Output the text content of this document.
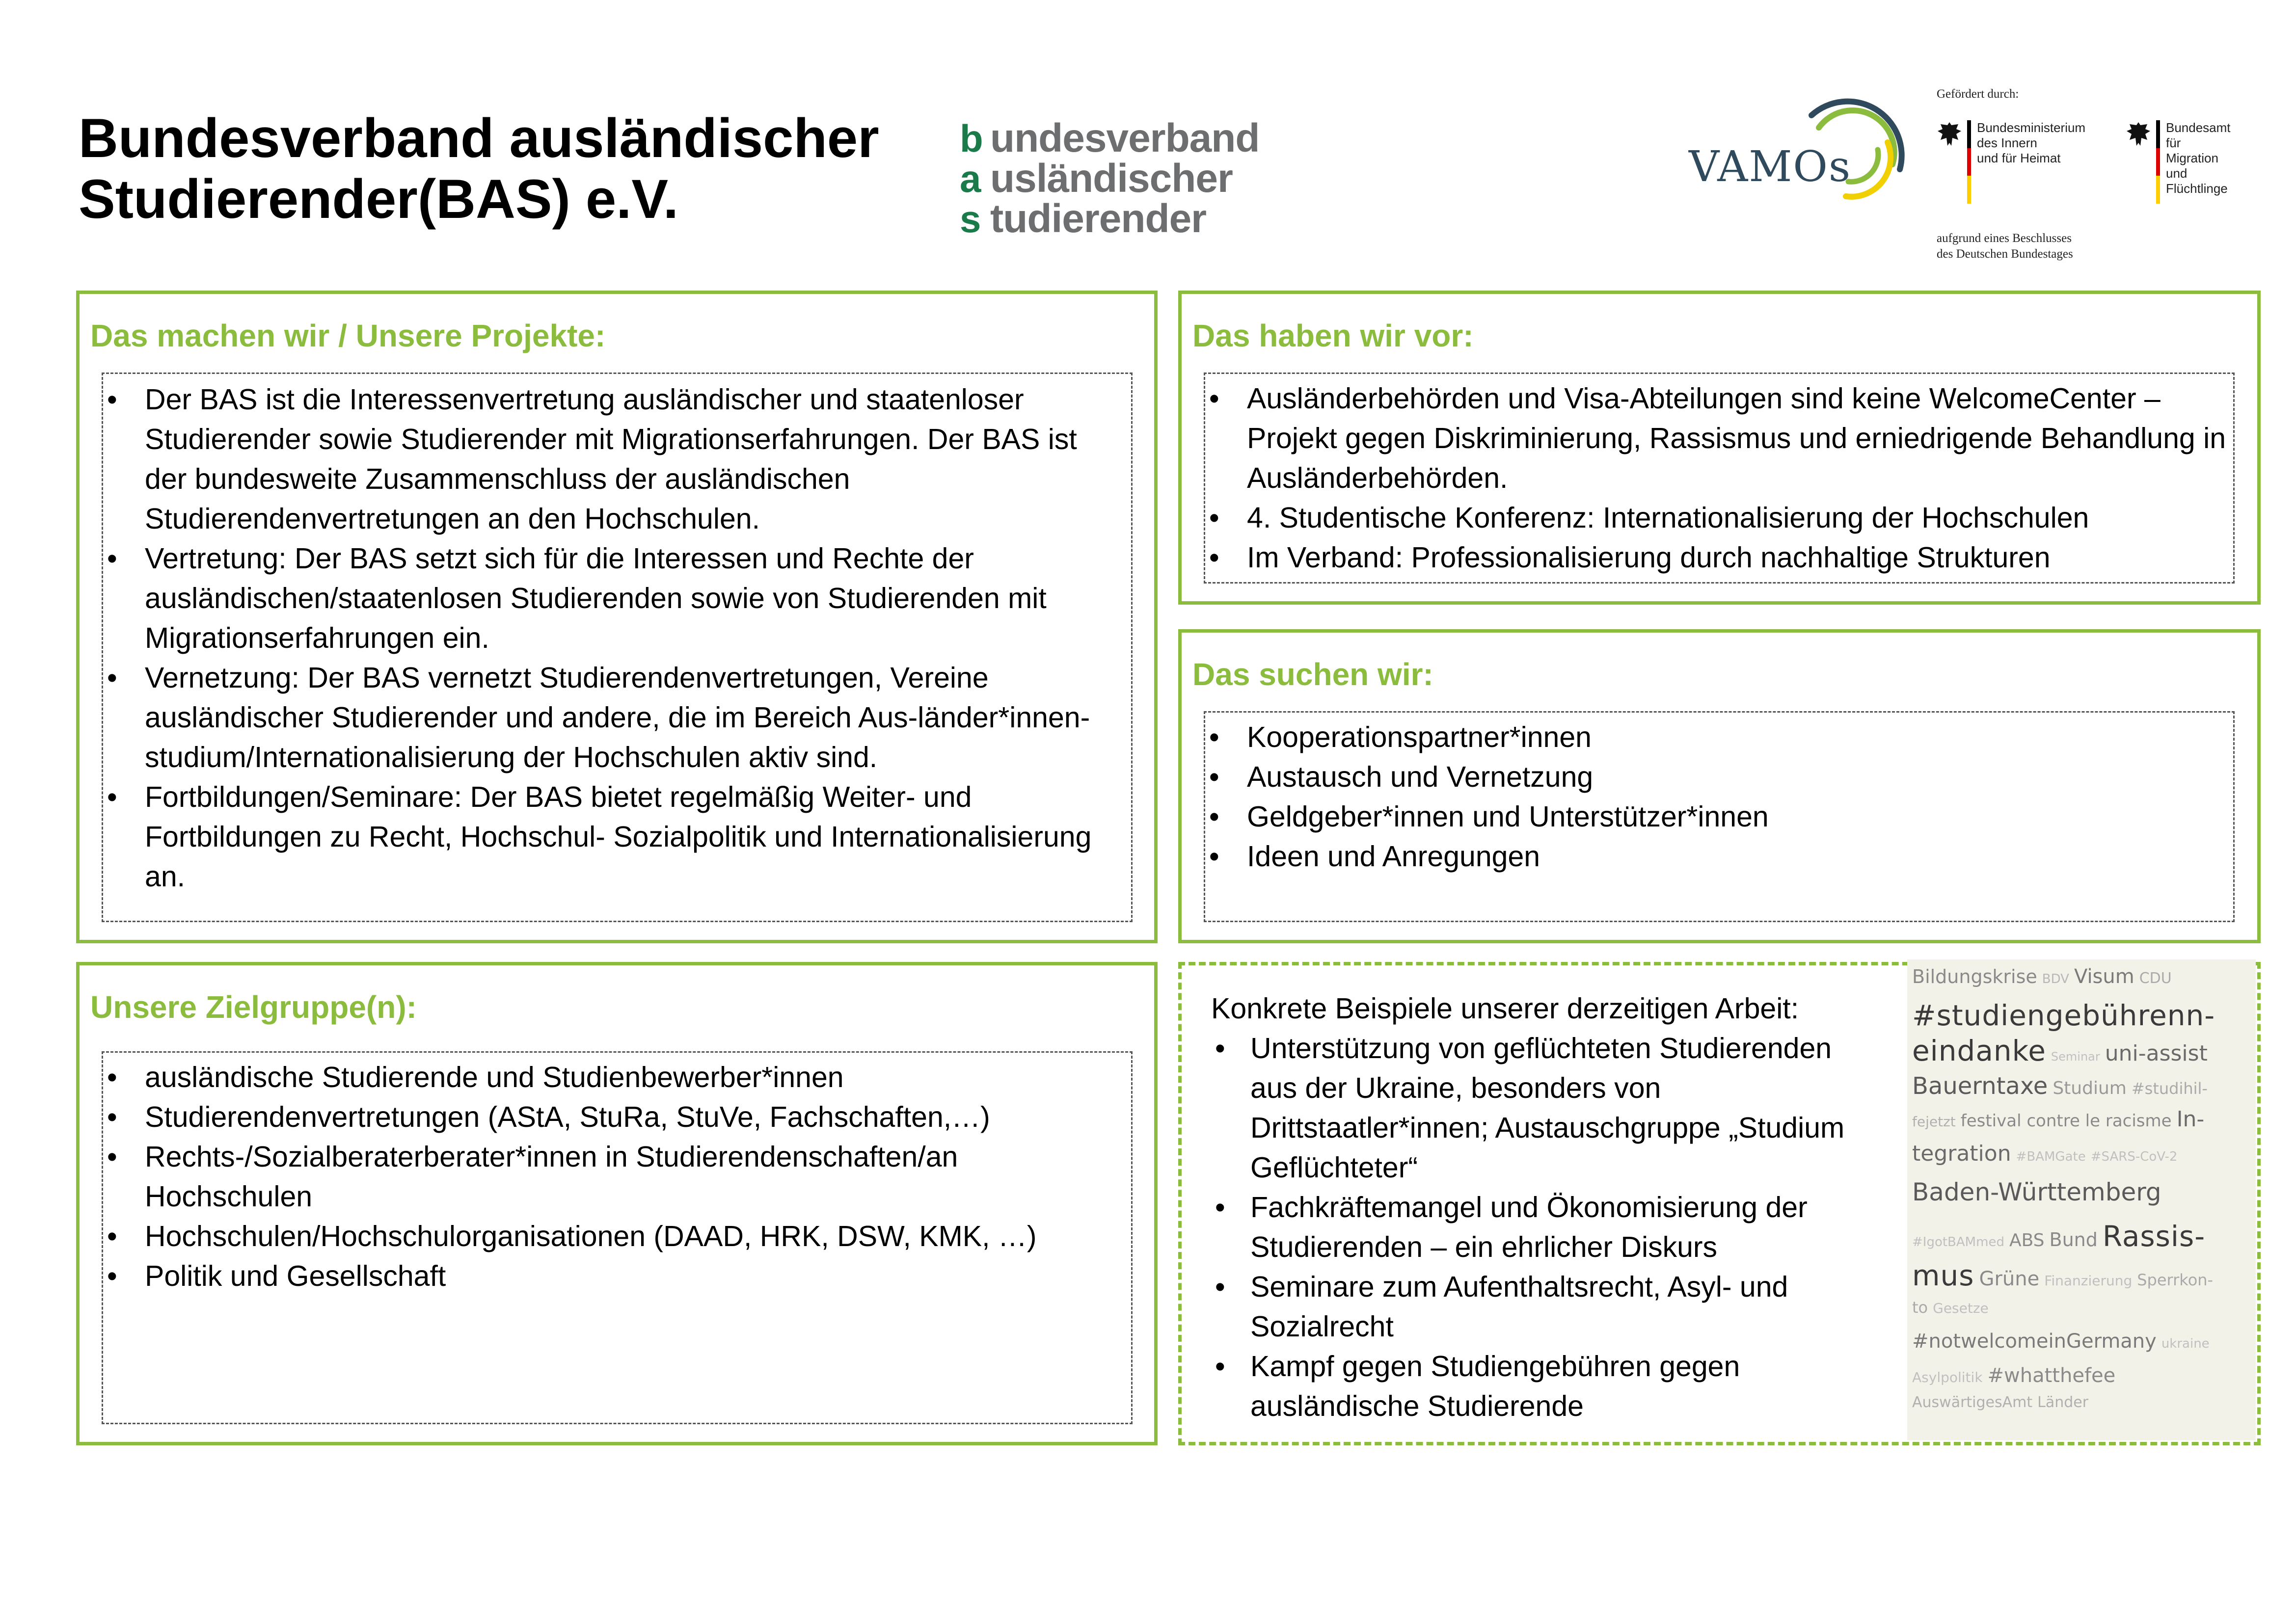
Bundesverband ausländischer
Studierender(BAS) e.V.
b undesverband
a usländischer
s tudierender
VAMOs
Gefördert durch:
Bundesministerium
des Innern
und für Heimat
Bundesamt
für Migration
und Flüchtlinge
aufgrund eines Beschlusses
des Deutschen Bundestages
Das machen wir / Unsere Projekte:
• Der BAS ist die Interessenvertretung ausländischer und staatenloser Studierender sowie Studierender mit Migrationserfahrungen. Der BAS ist der bundesweite Zusammenschluss der ausländischen Studierendenvertretungen an den Hochschulen.
• Vertretung: Der BAS setzt sich für die Interessen und Rechte der ausländischen/staatenlosen Studierenden sowie von Studierenden mit Migrationserfahrungen ein.
• Vernetzung: Der BAS vernetzt Studierendenvertretungen, Vereine ausländischer Studierender und andere, die im Bereich Aus-länder*innen-studium/Internationalisierung der Hochschulen aktiv sind.
• Fortbildungen/Seminare: Der BAS bietet regelmäßig Weiter- und Fortbildungen zu Recht, Hochschul- Sozialpolitik und Internationalisierung an.
Das haben wir vor:
• Ausländerbehörden und Visa-Abteilungen sind keine WelcomeCenter – Projekt gegen Diskriminierung, Rassismus und erniedrigende Behandlung in Ausländerbehörden.
• 4. Studentische Konferenz: Internationalisierung der Hochschulen
• Im Verband: Professionalisierung durch nachhaltige Strukturen
Das suchen wir:
• Kooperationspartner*innen
• Austausch und Vernetzung
• Geldgeber*innen und Unterstützer*innen
• Ideen und Anregungen
Unsere Zielgruppe(n):
• ausländische Studierende und Studienbewerber*innen
• Studierendenvertretungen (AStA, StuRa, StuVe, Fachschaften,…)
• Rechts-/Sozialberaterberater*innen in Studierendenschaften/an Hochschulen
• Hochschulen/Hochschulorganisationen (DAAD, HRK, DSW, KMK, …)
• Politik und Gesellschaft
Konkrete Beispiele unserer derzeitigen Arbeit:
• Unterstützung von geflüchteten Studierenden aus der Ukraine, besonders von Drittstaatler*innen; Austauschgruppe „Studium Geflüchteter“
• Fachkräftemangel und Ökonomisierung der Studierenden – ein ehrlicher Diskurs
• Seminare zum Aufenthaltsrecht, Asyl- und Sozialrecht
• Kampf gegen Studiengebühren gegen ausländische Studierende
Bildungskrise BDV Visum CDU
#studiengebührenn-
eindanke Seminar uni-assist
Bauerntaxe Studium #studihil-
fejetzt festival contre le racisme In-
tegration #BAMGate #SARS-CoV-2
Baden-Württemberg
#IgotBAMmed ABS Bund Rassis-
mus Grüne Finanzierung Sperrkon-
to Gesetze
#notwelcomeinGermany ukraine
Asylpolitik #whatthefee
AuswärtigesAmt Länder
